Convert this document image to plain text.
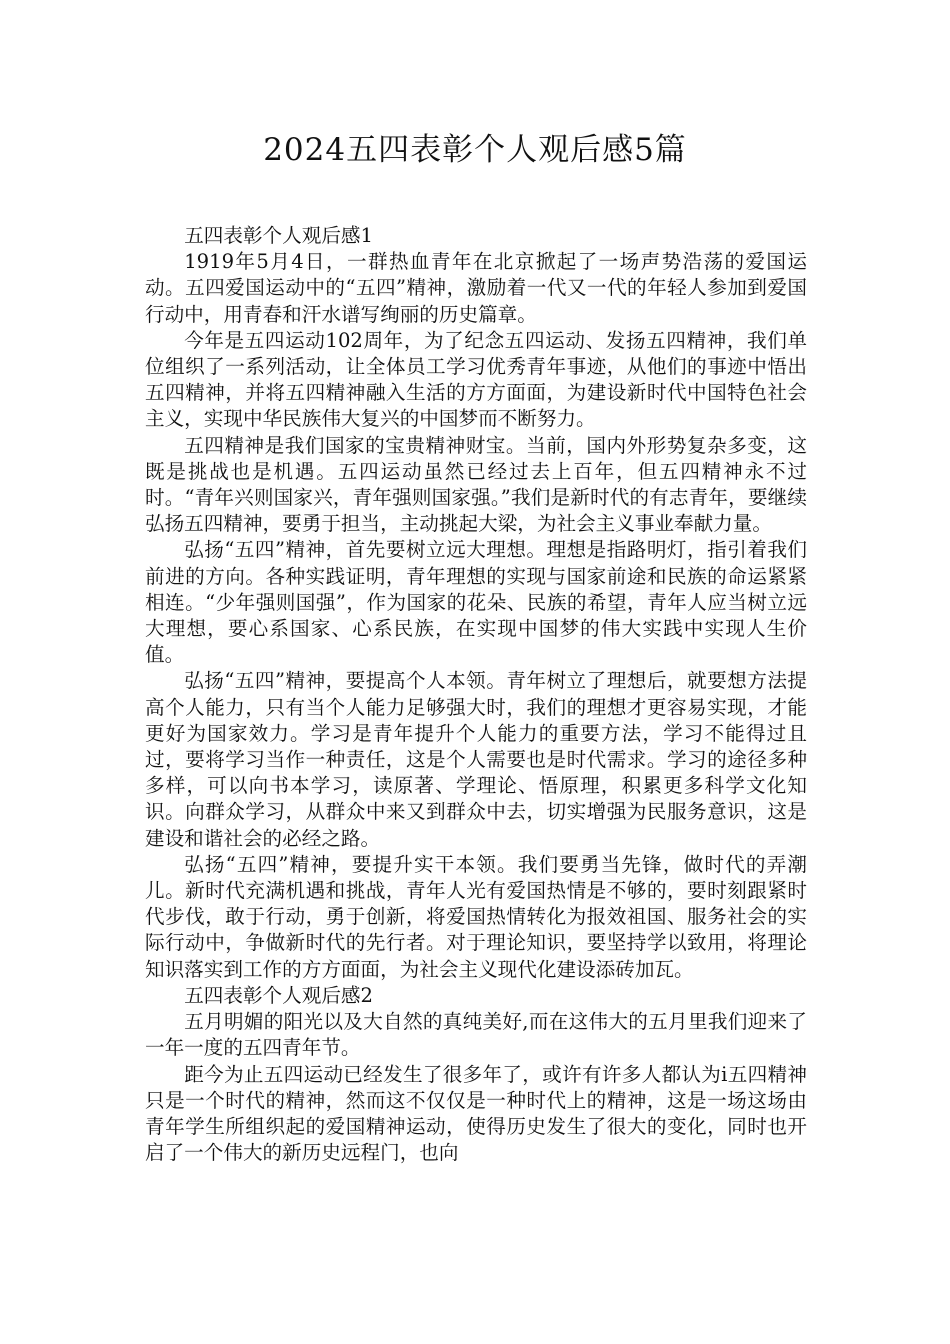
2024五四表彰个人观后感5篇

五四表彰个人观后感1

1919年5月4日，一群热血青年在北京掀起了一场声势浩荡的爱国运动。五四爱国运动中的“五四”精神，激励着一代又一代的年轻人参加到爱国行动中，用青春和汗水谱写绚丽的历史篇章。

今年是五四运动102周年，为了纪念五四运动、发扬五四精神，我们单位组织了一系列活动，让全体员工学习优秀青年事迹，从他们的事迹中悟出五四精神，并将五四精神融入生活的方方面面，为建设新时代中国特色社会主义，实现中华民族伟大复兴的中国梦而不断努力。

五四精神是我们国家的宝贵精神财宝。当前，国内外形势复杂多变，这既是挑战也是机遇。五四运动虽然已经过去上百年，但五四精神永不过时。“青年兴则国家兴，青年强则国家强。”我们是新时代的有志青年，要继续弘扬五四精神，要勇于担当，主动挑起大梁，为社会主义事业奉献力量。

弘扬“五四”精神，首先要树立远大理想。理想是指路明灯，指引着我们前进的方向。各种实践证明，青年理想的实现与国家前途和民族的命运紧紧相连。“少年强则国强”，作为国家的花朵、民族的希望，青年人应当树立远大理想，要心系国家、心系民族，在实现中国梦的伟大实践中实现人生价值。

弘扬“五四”精神，要提高个人本领。青年树立了理想后，就要想方法提高个人能力，只有当个人能力足够强大时，我们的理想才更容易实现，才能更好为国家效力。学习是青年提升个人能力的重要方法，学习不能得过且过，要将学习当作一种责任，这是个人需要也是时代需求。学习的途径多种多样，可以向书本学习，读原著、学理论、悟原理，积累更多科学文化知识。向群众学习，从群众中来又到群众中去，切实增强为民服务意识，这是建设和谐社会的必经之路。

弘扬“五四”精神，要提升实干本领。我们要勇当先锋，做时代的弄潮儿。新时代充满机遇和挑战，青年人光有爱国热情是不够的，要时刻跟紧时代步伐，敢于行动，勇于创新，将爱国热情转化为报效祖国、服务社会的实际行动中，争做新时代的先行者。对于理论知识，要坚持学以致用，将理论知识落实到工作的方方面面，为社会主义现代化建设添砖加瓦。

五四表彰个人观后感2

五月明媚的阳光以及大自然的真纯美好,而在这伟大的五月里我们迎来了一年一度的五四青年节。

距今为止五四运动已经发生了很多年了，或许有许多人都认为i五四精神只是一个时代的精神，然而这不仅仅是一种时代上的精神，这是一场这场由青年学生所组织起的爱国精神运动，使得历史发生了很大的变化，同时也开启了一个伟大的新历史远程门，也向
